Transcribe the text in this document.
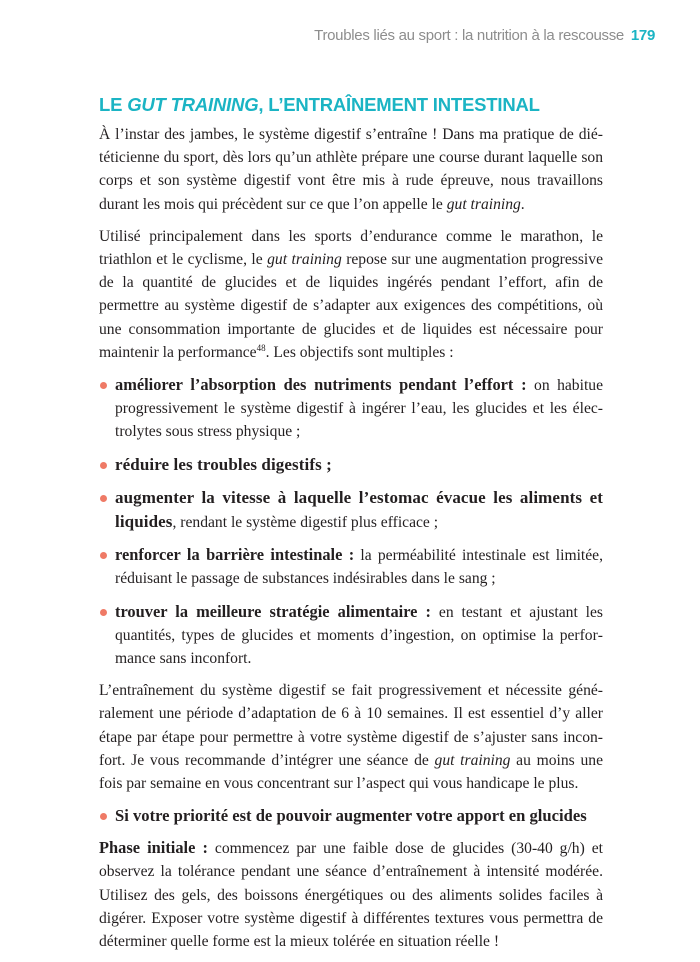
Troubles liés au sport : la nutrition à la rescousse 179
LE GUT TRAINING, L’ENTRAÎNEMENT INTESTINAL

À l’instar des jambes, le système digestif s’entraîne ! Dans ma pratique de diététicienne du sport, dès lors qu’un athlète prépare une course durant laquelle son corps et son système digestif vont être mis à rude épreuve, nous travaillons durant les mois qui précèdent sur ce que l’on appelle le gut training.

Utilisé principalement dans les sports d’endurance comme le marathon, le triathlon et le cyclisme, le gut training repose sur une augmentation progressive de la quantité de glucides et de liquides ingérés pendant l’effort, afin de permettre au système digestif de s’adapter aux exigences des compétitions, où une consommation importante de glucides et de liquides est nécessaire pour maintenir la performance$^{48}$. Les objectifs sont multiples :

améliorer l’absorption des nutriments pendant l’effort : on habitue progressivement le système digestif à ingérer l’eau, les glucides et les électrolytes sous stress physique ;
réduire les troubles digestifs ;
augmenter la vitesse à laquelle l’estomac évacue les aliments et liquides, rendant le système digestif plus efficace ;
renforcer la barrière intestinale : la perméabilité intestinale est limitée, réduisant le passage de substances indésirables dans le sang ;
trouver la meilleure stratégie alimentaire : en testant et ajustant les quantités, types de glucides et moments d’ingestion, on optimise la performance sans inconfort.

L’entraînement du système digestif se fait progressivement et nécessite généralement une période d’adaptation de 6 à 10 semaines. Il est essentiel d’y aller étape par étape pour permettre à votre système digestif de s’ajuster sans inconfort. Je vous recommande d’intégrer une séance de gut training au moins une fois par semaine en vous concentrant sur l’aspect qui vous handicape le plus.

Si votre priorité est de pouvoir augmenter votre apport en glucides

Phase initiale : commencez par une faible dose de glucides (30-40 g/h) et observez la tolérance pendant une séance d’entraînement à intensité modérée. Utilisez des gels, des boissons énergétiques ou des aliments solides faciles à digérer. Exposer votre système digestif à différentes textures vous permettra de déterminer quelle forme est la mieux tolérée en situation réelle !
